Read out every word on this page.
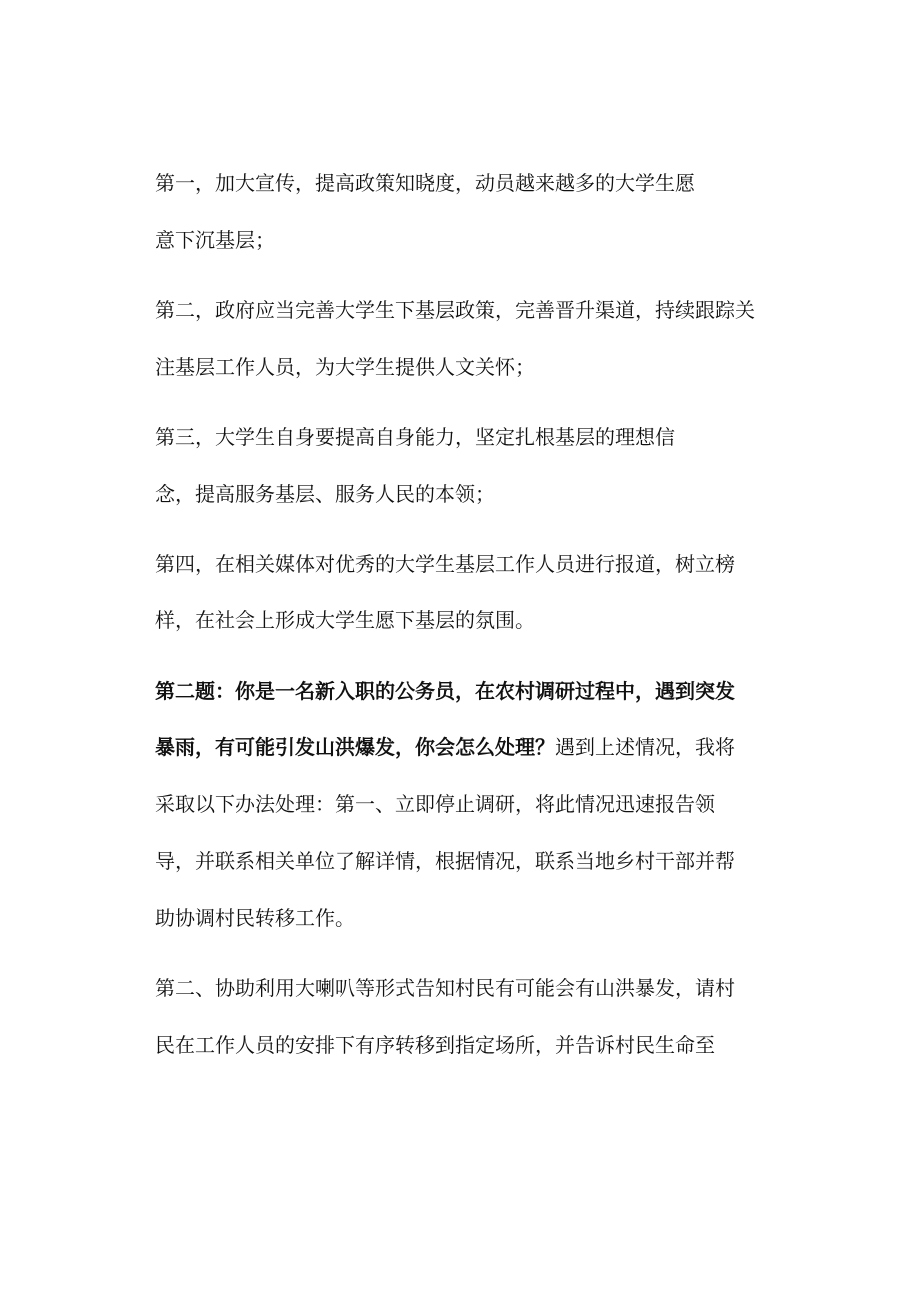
第一，加大宣传，提高政策知晓度，动员越来越多的大学生愿
意下沉基层；
第二，政府应当完善大学生下基层政策，完善晋升渠道，持续跟踪关
注基层工作人员，为大学生提供人文关怀；
第三，大学生自身要提高自身能力，坚定扎根基层的理想信
念，提高服务基层、服务人民的本领；
第四，在相关媒体对优秀的大学生基层工作人员进行报道，树立榜
样，在社会上形成大学生愿下基层的氛围。
第二题：你是一名新入职的公务员，在农村调研过程中，遇到突发
暴雨，有可能引发山洪爆发，你会怎么处理？遇到上述情况，我将
采取以下办法处理：第一、立即停止调研，将此情况迅速报告领
导，并联系相关单位了解详情，根据情况，联系当地乡村干部并帮
助协调村民转移工作。
第二、协助利用大喇叭等形式告知村民有可能会有山洪暴发，请村
民在工作人员的安排下有序转移到指定场所，并告诉村民生命至
